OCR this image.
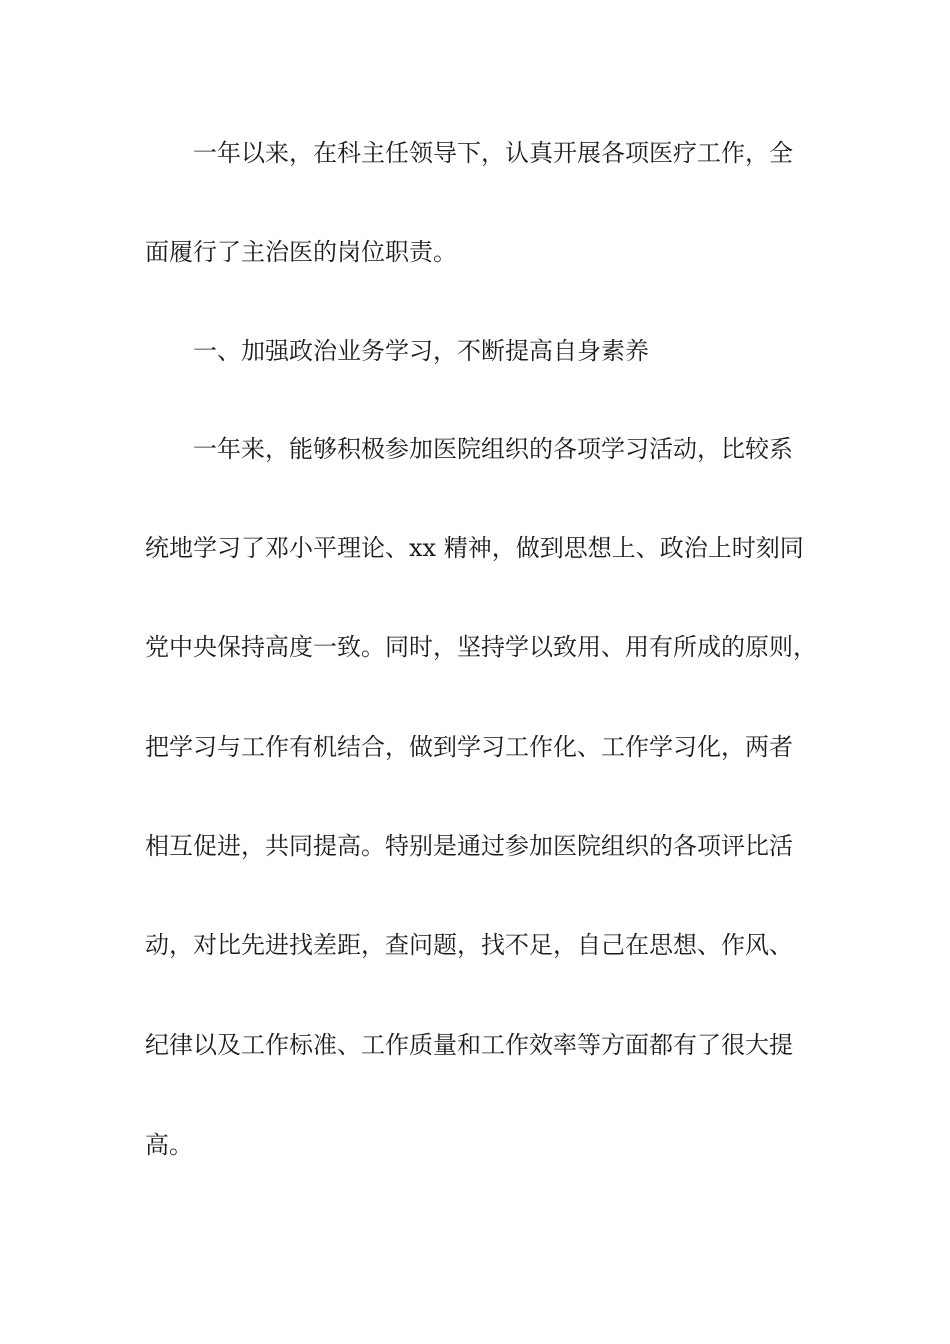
一年以来，在科主任领导下，认真开展各项医疗工作，全
面履行了主治医的岗位职责。
一、加强政治业务学习，不断提高自身素养
一年来，能够积极参加医院组织的各项学习活动，比较系
统地学习了邓小平理论、xx 精神，做到思想上、政治上时刻同
党中央保持高度一致。同时，坚持学以致用、用有所成的原则，
把学习与工作有机结合，做到学习工作化、工作学习化，两者
相互促进，共同提高。特别是通过参加医院组织的各项评比活
动，对比先进找差距，查问题，找不足，自己在思想、作风、
纪律以及工作标准、工作质量和工作效率等方面都有了很大提
高。
